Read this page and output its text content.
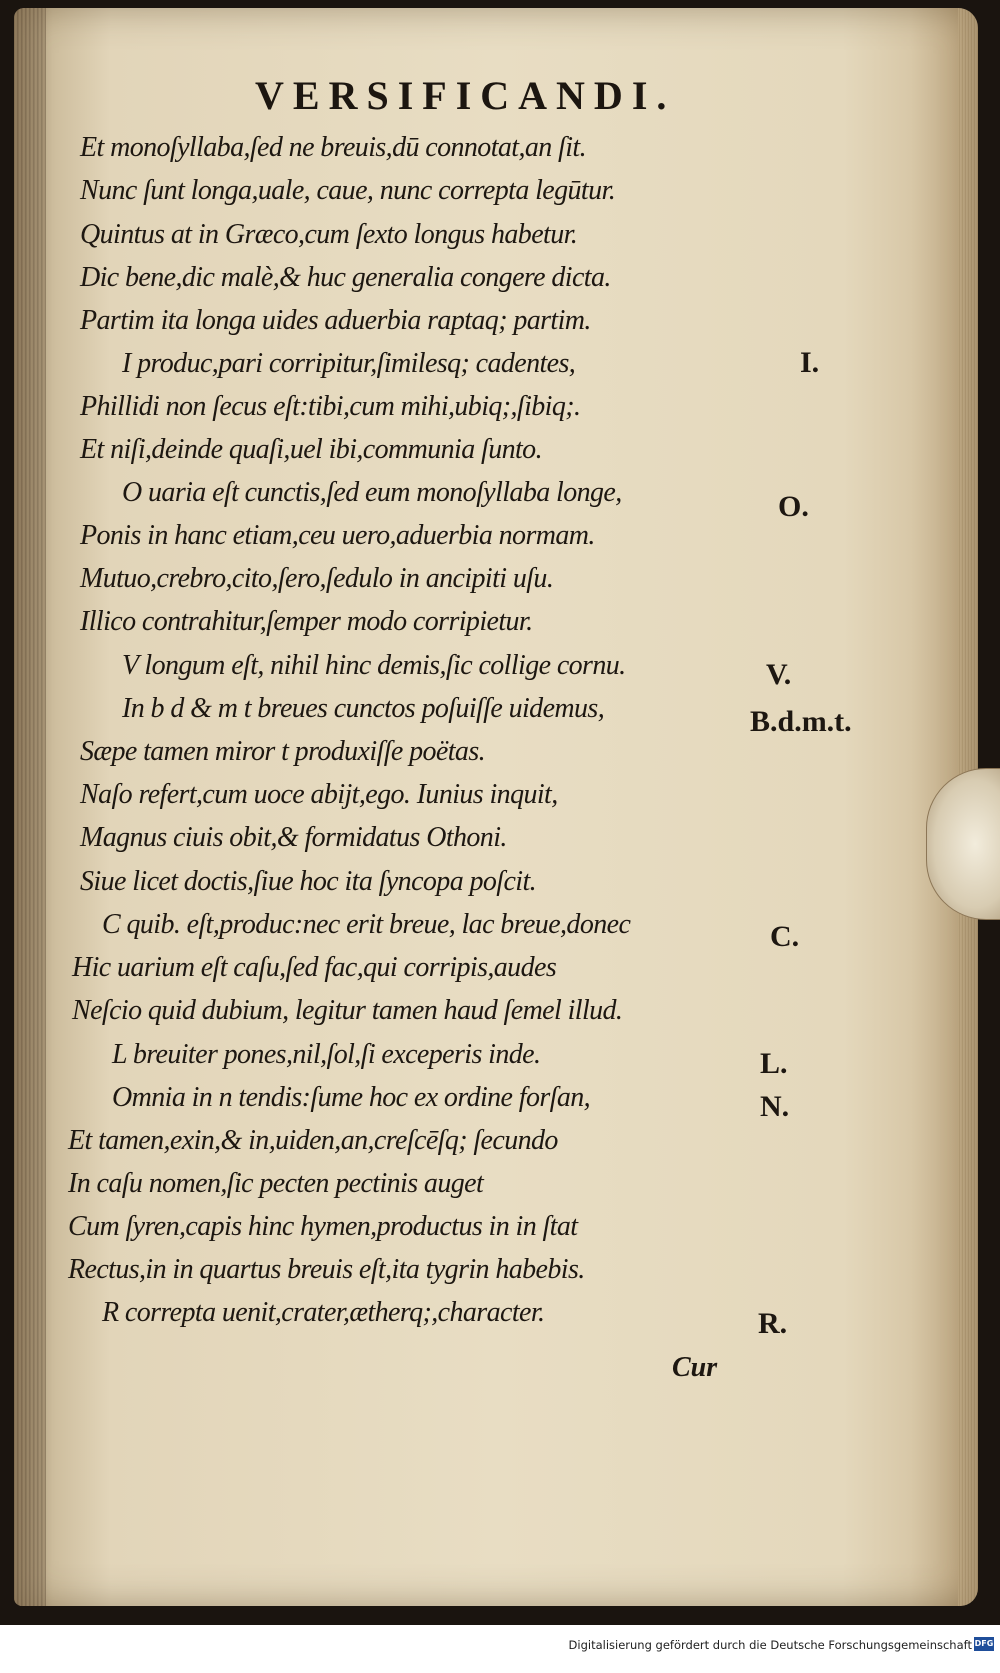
VERSIFICANDI.
Et monoſyllaba,ſed ne breuis,dū connotat,an ſit.
Nunc ſunt longa,uale, caue, nunc correpta legūtur.
Quintus at in Græco,cum ſexto longus habetur.
Dic bene,dic malè,& huc generalia congere dicta.
Partim ita longa uides aduerbia raptaq; partim.
I produc,pari corripitur,ſimilesq; cadentes,
Phillidi non ſecus eſt:tibi,cum mihi,ubiq;,ſibiq;.
Et niſi,deinde quaſi,uel ibi,communia ſunto.
O uaria eſt cunctis,ſed eum monoſyllaba longe,
Ponis in hanc etiam,ceu uero,aduerbia normam.
Mutuo,crebro,cito,ſero,ſedulo in ancipiti uſu.
Illico contrahitur,ſemper modo corripietur.
V longum eſt, nihil hinc demis,ſic collige cornu.
In b d & m t breues cunctos poſuiſſe uidemus,
Sæpe tamen miror t produxiſſe poëtas.
Naſo refert,cum uoce abijt,ego. Iunius inquit,
Magnus ciuis obit,& formidatus Othoni.
Siue licet doctis,ſiue hoc ita ſyncopa poſcit.
C quib. eſt,produc:nec erit breue, lac breue,donec
Hic uarium eſt caſu,ſed fac,qui corripis,audes
Neſcio quid dubium, legitur tamen haud ſemel illud.
L breuiter pones,nil,ſol,ſi exceperis inde.
Omnia in n tendis:ſume hoc ex ordine forſan,
Et tamen,exin,& in,uiden,an,creſcēſq; ſecundo
In caſu nomen,ſic pecten pectinis auget
Cum ſyren,capis hinc hymen,productus in in ſtat
Rectus,in in quartus breuis eſt,ita tygrin habebis.
R correpta uenit,crater,ætherq;,character.
I.
O.
V.
B.d.m.t.
C.
L.
N.
R.
Cur
Digitalisierung gefördert durch die Deutsche Forschungsgemeinschaft DFG
